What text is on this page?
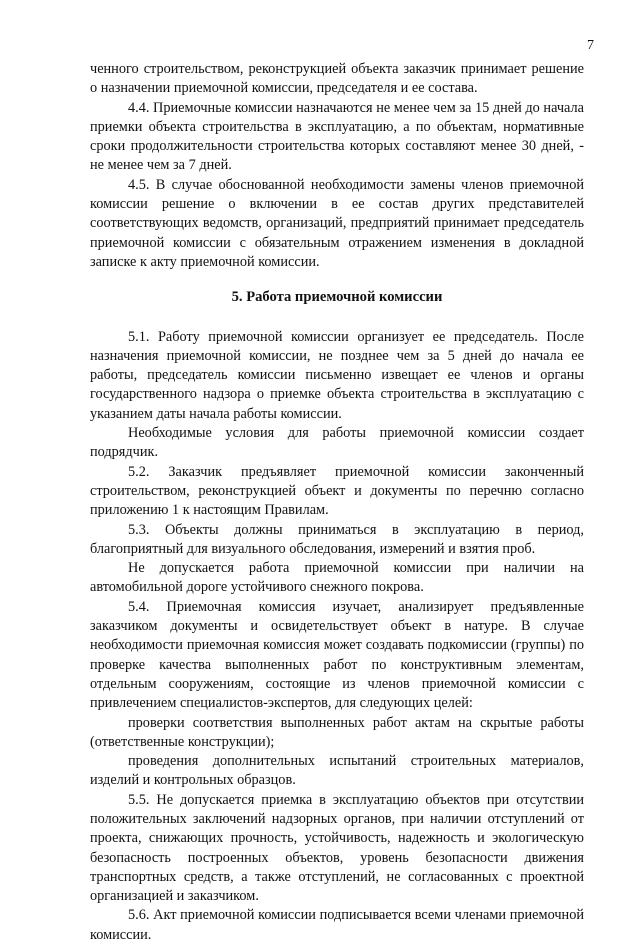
7

ченного строительством, реконструкцией объекта заказчик принимает решение о назначении приемочной комиссии, председателя и ее состава.

4.4. Приемочные комиссии назначаются не менее чем за 15 дней до начала приемки объекта строительства в эксплуатацию, а по объектам, нормативные сроки продолжительности строительства которых составляют менее 30 дней, - не менее чем за 7 дней.

4.5. В случае обоснованной необходимости замены членов приемочной комиссии решение о включении в ее состав других представителей соответствующих ведомств, организаций, предприятий принимает председатель приемочной комиссии с обязательным отражением изменения в докладной записке к акту приемочной комиссии.

5. Работа приемочной комиссии

5.1. Работу приемочной комиссии организует ее председатель. После назначения приемочной комиссии, не позднее чем за 5 дней до начала ее работы, председатель комиссии письменно извещает ее членов и органы государственного надзора о приемке объекта строительства в эксплуатацию с указанием даты начала работы комиссии.

Необходимые условия для работы приемочной комиссии создает подрядчик.

5.2. Заказчик предъявляет приемочной комиссии законченный строительством, реконструкцией объект и документы по перечню согласно приложению 1 к настоящим Правилам.

5.3. Объекты должны приниматься в эксплуатацию в период, благоприятный для визуального обследования, измерений и взятия проб.

Не допускается работа приемочной комиссии при наличии на автомобильной дороге устойчивого снежного покрова.

5.4. Приемочная комиссия изучает, анализирует предъявленные заказчиком документы и освидетельствует объект в натуре. В случае необходимости приемочная комиссия может создавать подкомиссии (группы) по проверке качества выполненных работ по конструктивным элементам, отдельным сооружениям, состоящие из членов приемочной комиссии с привлечением специалистов-экспертов, для следующих целей:

проверки соответствия выполненных работ актам на скрытые работы (ответственные конструкции);

проведения дополнительных испытаний строительных материалов, изделий и контрольных образцов.

5.5. Не допускается приемка в эксплуатацию объектов при отсутствии положительных заключений надзорных органов, при наличии отступлений от проекта, снижающих прочность, устойчивость, надежность и экологическую безопасность построенных объектов, уровень безопасности движения транспортных средств, а также отступлений, не согласованных с проектной организацией и заказчиком.

5.6. Акт приемочной комиссии подписывается всеми членами приемочной комиссии.
